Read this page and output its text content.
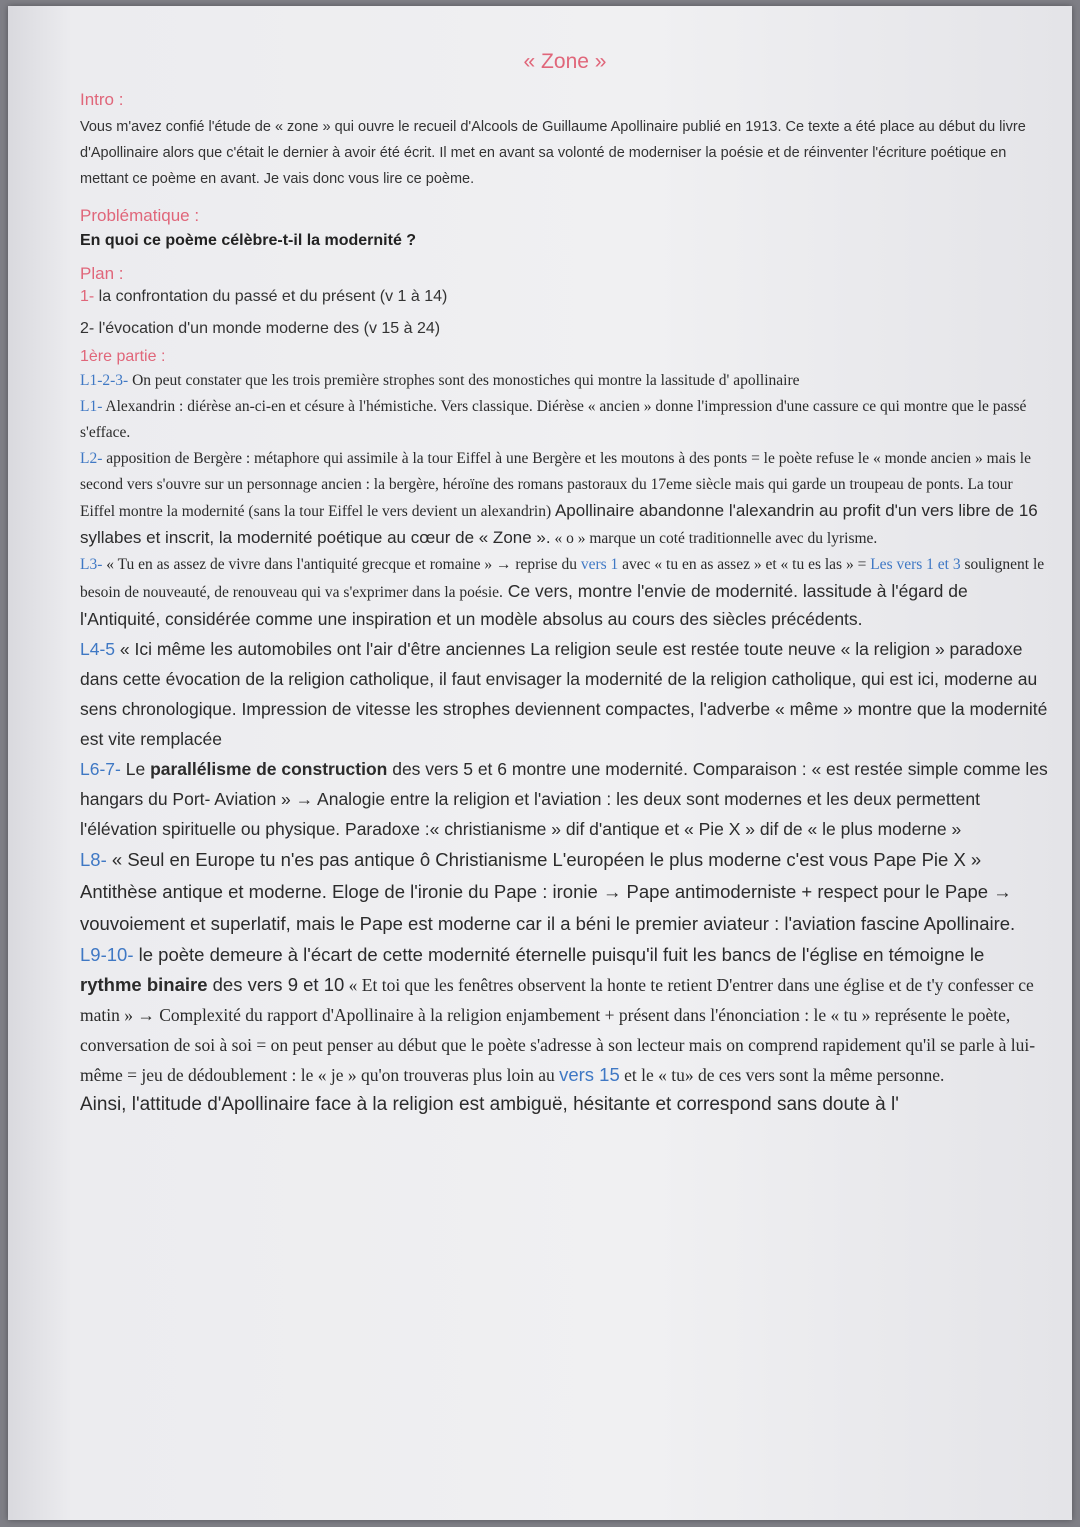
« Zone »
Intro :

Vous m'avez confié l'étude de « zone » qui ouvre le recueil d'Alcools de Guillaume Apollinaire publié en 1913. Ce texte a été place au début du livre d'Apollinaire alors que c'était le dernier à avoir été écrit. Il met en avant sa volonté de moderniser la poésie et de réinventer l'écriture poétique en mettant ce poème en avant. Je vais donc vous lire ce poème.

Problématique :
En quoi ce poème célèbre-t-il la modernité ?
Plan :
1- la confrontation du passé et du présent (v 1 à 14)
2- l'évocation d'un monde moderne des (v 15 à 24)
1ère partie :

L1-2-3- On peut constater que les trois première strophes sont des monostiches qui montre la lassitude d' apollinaire

L1- Alexandrin : diérèse an-ci-en et césure à l'hémistiche. Vers classique. Diérèse « ancien » donne l'impression d'une cassure ce qui montre que le passé s'efface.

L2- apposition de Bergère : métaphore qui assimile à la tour Eiffel à une Bergère et les moutons à des ponts = le poète refuse le « monde ancien » mais le second vers s'ouvre sur un personnage ancien : la bergère, héroïne des romans pastoraux du 17eme siècle mais qui garde un troupeau de ponts. La tour Eiffel montre la modernité (sans la tour Eiffel le vers devient un alexandrin) Apollinaire abandonne l'alexandrin au profit d'un vers libre de 16 syllabes et inscrit, la modernité poétique au cœur de « Zone ». « o » marque un coté traditionnelle avec du lyrisme.

L3- « Tu en as assez de vivre dans l'antiquité grecque et romaine » → reprise du vers 1 avec « tu en as assez » et « tu es las » = Les vers 1 et 3 soulignent le besoin de nouveauté, de renouveau qui va s'exprimer dans la poésie. Ce vers, montre l'envie de modernité. lassitude à l'égard de l'Antiquité, considérée comme une inspiration et un modèle absolus au cours des siècles précédents.

L4-5 « Ici même les automobiles ont l'air d'être anciennes La religion seule est restée toute neuve « la religion » paradoxe dans cette évocation de la religion catholique, il faut envisager la modernité de la religion catholique, qui est ici, moderne au sens chronologique. Impression de vitesse les strophes deviennent compactes, l'adverbe « même » montre que la modernité est vite remplacée

L6-7- Le parallélisme de construction des vers 5 et 6 montre une modernité. Comparaison : « est restée simple comme les hangars du Port- Aviation » → Analogie entre la religion et l'aviation : les deux sont modernes et les deux permettent l'élévation spirituelle ou physique. Paradoxe :« christianisme » dif d'antique et « Pie X » dif de « le plus moderne »

L8- « Seul en Europe tu n'es pas antique ô Christianisme L'européen le plus moderne c'est vous Pape Pie X » Antithèse antique et moderne. Eloge de l'ironie du Pape : ironie → Pape antimoderniste + respect pour le Pape → vouvoiement et superlatif, mais le Pape est moderne car il a béni le premier aviateur : l'aviation fascine Apollinaire.

L9-10- le poète demeure à l'écart de cette modernité éternelle puisqu'il fuit les bancs de l'église en témoigne le rythme binaire des vers 9 et 10 « Et toi que les fenêtres observent la honte te retient D'entrer dans une église et de t'y confesser ce matin » → Complexité du rapport d'Apollinaire à la religion enjambement + présent dans l'énonciation : le « tu » représente le poète, conversation de soi à soi = on peut penser au début que le poète s'adresse à son lecteur mais on comprend rapidement qu'il se parle à lui-même = jeu de dédoublement : le « je » qu'on trouveras plus loin au vers 15 et le « tu» de ces vers sont la même personne.

Ainsi, l'attitude d'Apollinaire face à la religion est ambiguë, hésitante et correspond sans doute à l'
